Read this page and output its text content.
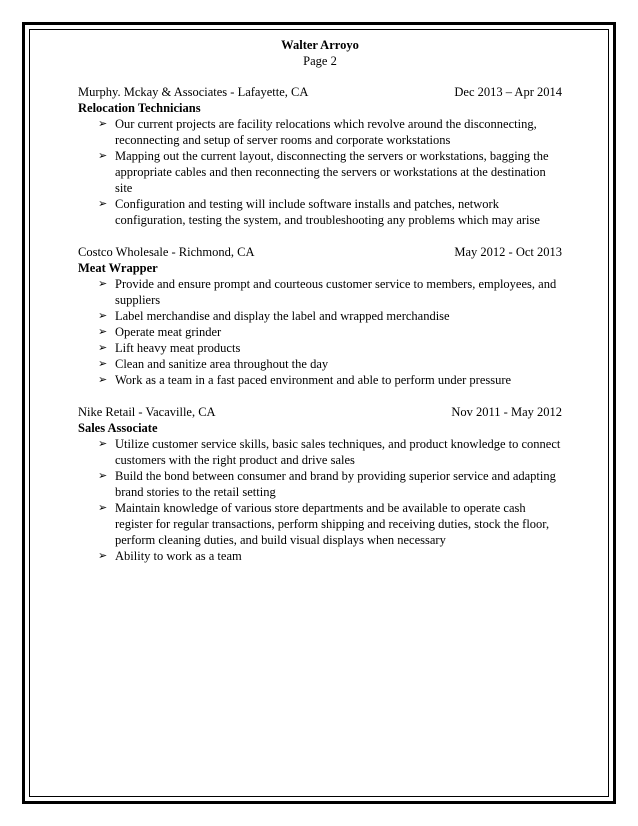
Walter Arroyo
Page 2
Murphy. Mckay & Associates - Lafayette, CA	Dec 2013 – Apr 2014
Relocation Technicians
➢ Our current projects are facility relocations which revolve around the disconnecting, reconnecting and setup of server rooms and corporate workstations
➢ Mapping out the current layout, disconnecting the servers or workstations, bagging the appropriate cables and then reconnecting the servers or workstations at the destination site
➢ Configuration and testing will include software installs and patches, network configuration, testing the system, and troubleshooting any problems which may arise
Costco Wholesale - Richmond, CA	May 2012 - Oct 2013
Meat Wrapper
➢ Provide and ensure prompt and courteous customer service to members, employees, and suppliers
➢ Label merchandise and display the label and wrapped merchandise
➢ Operate meat grinder
➢ Lift heavy meat products
➢ Clean and sanitize area throughout the day
➢ Work as a team in a fast paced environment and able to perform under pressure
Nike Retail - Vacaville, CA	Nov 2011 - May 2012
Sales Associate
➢ Utilize customer service skills, basic sales techniques, and product knowledge to connect customers with the right product and drive sales
➢ Build the bond between consumer and brand by providing superior service and adapting brand stories to the retail setting
➢ Maintain knowledge of various store departments and be available to operate cash register for regular transactions, perform shipping and receiving duties, stock the floor, perform cleaning duties, and build visual displays when necessary
➢ Ability to work as a team
